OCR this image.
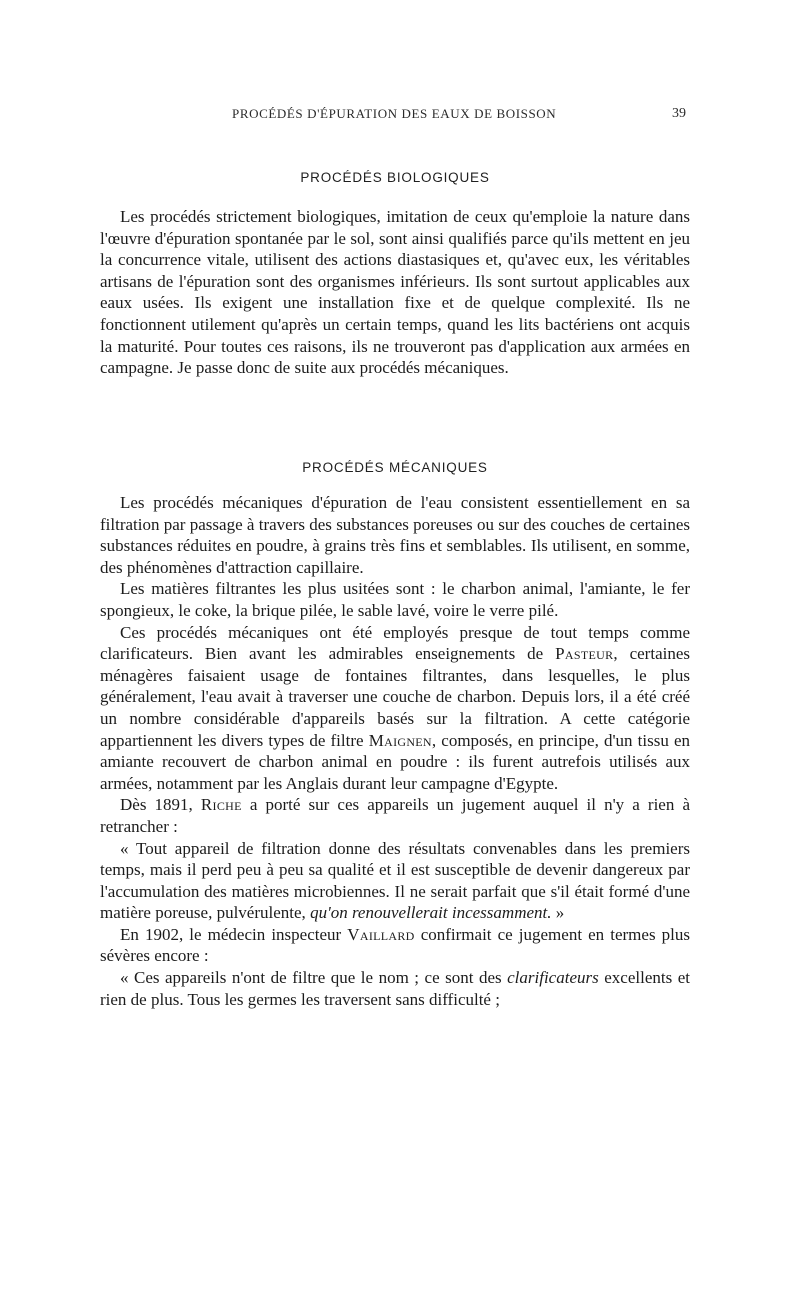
PROCÉDÉS D'ÉPURATION DES EAUX DE BOISSON	39
PROCÉDÉS BIOLOGIQUES

Les procédés strictement biologiques, imitation de ceux qu'emploie la nature dans l'œuvre d'épuration spontanée par le sol, sont ainsi qualifiés parce qu'ils mettent en jeu la concurrence vitale, utilisent des actions diastasiques et, qu'avec eux, les véritables artisans de l'épuration sont des organismes inférieurs. Ils sont surtout applicables aux eaux usées. Ils exigent une installation fixe et de quelque complexité. Ils ne fonctionnent utilement qu'après un certain temps, quand les lits bactériens ont acquis la maturité. Pour toutes ces raisons, ils ne trouveront pas d'application aux armées en campagne. Je passe donc de suite aux procédés mécaniques.

PROCÉDÉS MÉCANIQUES

Les procédés mécaniques d'épuration de l'eau consistent essentiellement en sa filtration par passage à travers des substances poreuses ou sur des couches de certaines substances réduites en poudre, à grains très fins et semblables. Ils utilisent, en somme, des phénomènes d'attraction capillaire.

Les matières filtrantes les plus usitées sont : le charbon animal, l'amiante, le fer spongieux, le coke, la brique pilée, le sable lavé, voire le verre pilé.

Ces procédés mécaniques ont été employés presque de tout temps comme clarificateurs. Bien avant les admirables enseignements de Pasteur, certaines ménagères faisaient usage de fontaines filtrantes, dans lesquelles, le plus généralement, l'eau avait à traverser une couche de charbon. Depuis lors, il a été créé un nombre considérable d'appareils basés sur la filtration. A cette catégorie appartiennent les divers types de filtre Maignen, composés, en principe, d'un tissu en amiante recouvert de charbon animal en poudre : ils furent autrefois utilisés aux armées, notamment par les Anglais durant leur campagne d'Egypte.

Dès 1891, Riche a porté sur ces appareils un jugement auquel il n'y a rien à retrancher :

« Tout appareil de filtration donne des résultats convenables dans les premiers temps, mais il perd peu à peu sa qualité et il est susceptible de devenir dangereux par l'accumulation des matières microbiennes. Il ne serait parfait que s'il était formé d'une matière poreuse, pulvérulente, qu'on renouvellerait incessamment. »

En 1902, le médecin inspecteur Vaillard confirmait ce jugement en termes plus sévères encore :

« Ces appareils n'ont de filtre que le nom ; ce sont des clarificateurs excellents et rien de plus. Tous les germes les traversent sans difficulté ;
